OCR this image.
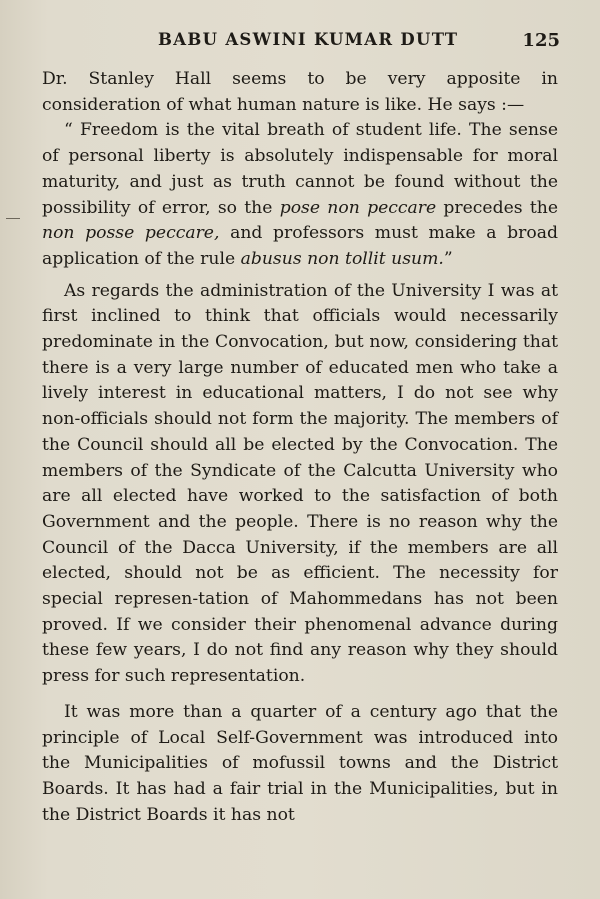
BABU ASWINI KUMAR DUTT	125

Dr. Stanley Hall seems to be very apposite in consideration of what human nature is like. He says :—

“ Freedom is the vital breath of student life. The sense of personal liberty is absolutely indispensable for moral maturity, and just as truth cannot be found without the possibility of error, so the pose non peccare precedes the non posse peccare, and professors must make a broad application of the rule abusus non tollit usum.”

As regards the administration of the University I was at first inclined to think that officials would necessarily predominate in the Convocation, but now, considering that there is a very large number of educated men who take a lively interest in educational matters, I do not see why non-officials should not form the majority. The members of the Council should all be elected by the Convocation. The members of the Syndicate of the Calcutta University who are all elected have worked to the satisfaction of both Government and the people. There is no reason why the Council of the Dacca University, if the members are all elected, should not be as efficient. The necessity for special represen-tation of Mahommedans has not been proved. If we consider their phenomenal advance during these few years, I do not find any reason why they should press for such representation.

It was more than a quarter of a century ago that the principle of Local Self-Government was introduced into the Municipalities of mofussil towns and the District Boards. It has had a fair trial in the Municipalities, but in the District Boards it has not
